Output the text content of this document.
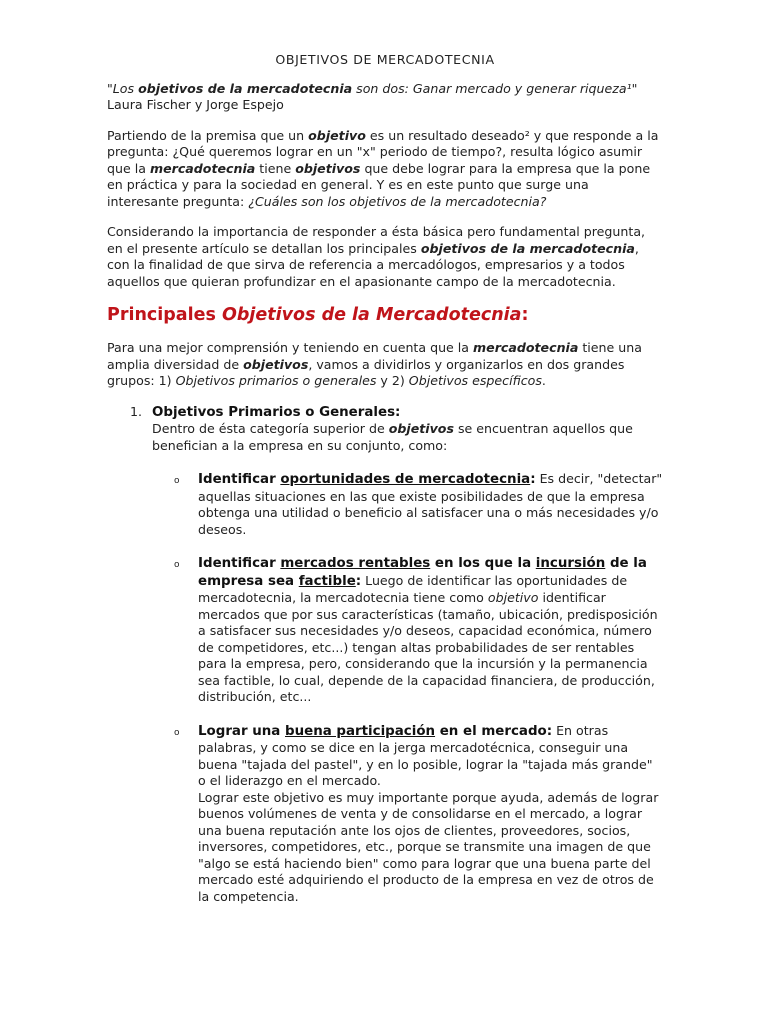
OBJETIVOS DE MERCADOTECNIA

"Los objetivos de la mercadotecnia son dos: Ganar mercado y generar riqueza¹"
Laura Fischer y Jorge Espejo

Partiendo de la premisa que un objetivo es un resultado deseado² y que responde a la pregunta: ¿Qué queremos lograr en un "x" periodo de tiempo?, resulta lógico asumir que la mercadotecnia tiene objetivos que debe lograr para la empresa que la pone en práctica y para la sociedad en general. Y es en este punto que surge una interesante pregunta: ¿Cuáles son los objetivos de la mercadotecnia?

Considerando la importancia de responder a ésta básica pero fundamental pregunta, en el presente artículo se detallan los principales objetivos de la mercadotecnia, con la finalidad de que sirva de referencia a mercadólogos, empresarios y a todos aquellos que quieran profundizar en el apasionante campo de la mercadotecnia.

Principales Objetivos de la Mercadotecnia:

Para una mejor comprensión y teniendo en cuenta que la mercadotecnia tiene una amplia diversidad de objetivos, vamos a dividirlos y organizarlos en dos grandes grupos: 1) Objetivos primarios o generales y 2) Objetivos específicos.

1. Objetivos Primarios o Generales:
Dentro de ésta categoría superior de objetivos se encuentran aquellos que benefician a la empresa en su conjunto, como:
o Identificar oportunidades de mercadotecnia: Es decir, "detectar" aquellas situaciones en las que existe posibilidades de que la empresa obtenga una utilidad o beneficio al satisfacer una o más necesidades y/o deseos.
o Identificar mercados rentables en los que la incursión de la empresa sea factible: Luego de identificar las oportunidades de mercadotecnia, la mercadotecnia tiene como objetivo identificar mercados que por sus características (tamaño, ubicación, predisposición a satisfacer sus necesidades y/o deseos, capacidad económica, número de competidores, etc...) tengan altas probabilidades de ser rentables para la empresa, pero, considerando que la incursión y la permanencia sea factible, lo cual, depende de la capacidad financiera, de producción, distribución, etc...
o Lograr una buena participación en el mercado: En otras palabras, y como se dice en la jerga mercadotécnica, conseguir una buena "tajada del pastel", y en lo posible, lograr la "tajada más grande" o el liderazgo en el mercado.
Lograr este objetivo es muy importante porque ayuda, además de lograr buenos volúmenes de venta y de consolidarse en el mercado, a lograr una buena reputación ante los ojos de clientes, proveedores, socios, inversores, competidores, etc., porque se transmite una imagen de que "algo se está haciendo bien" como para lograr que una buena parte del mercado esté adquiriendo el producto de la empresa en vez de otros de la competencia.
